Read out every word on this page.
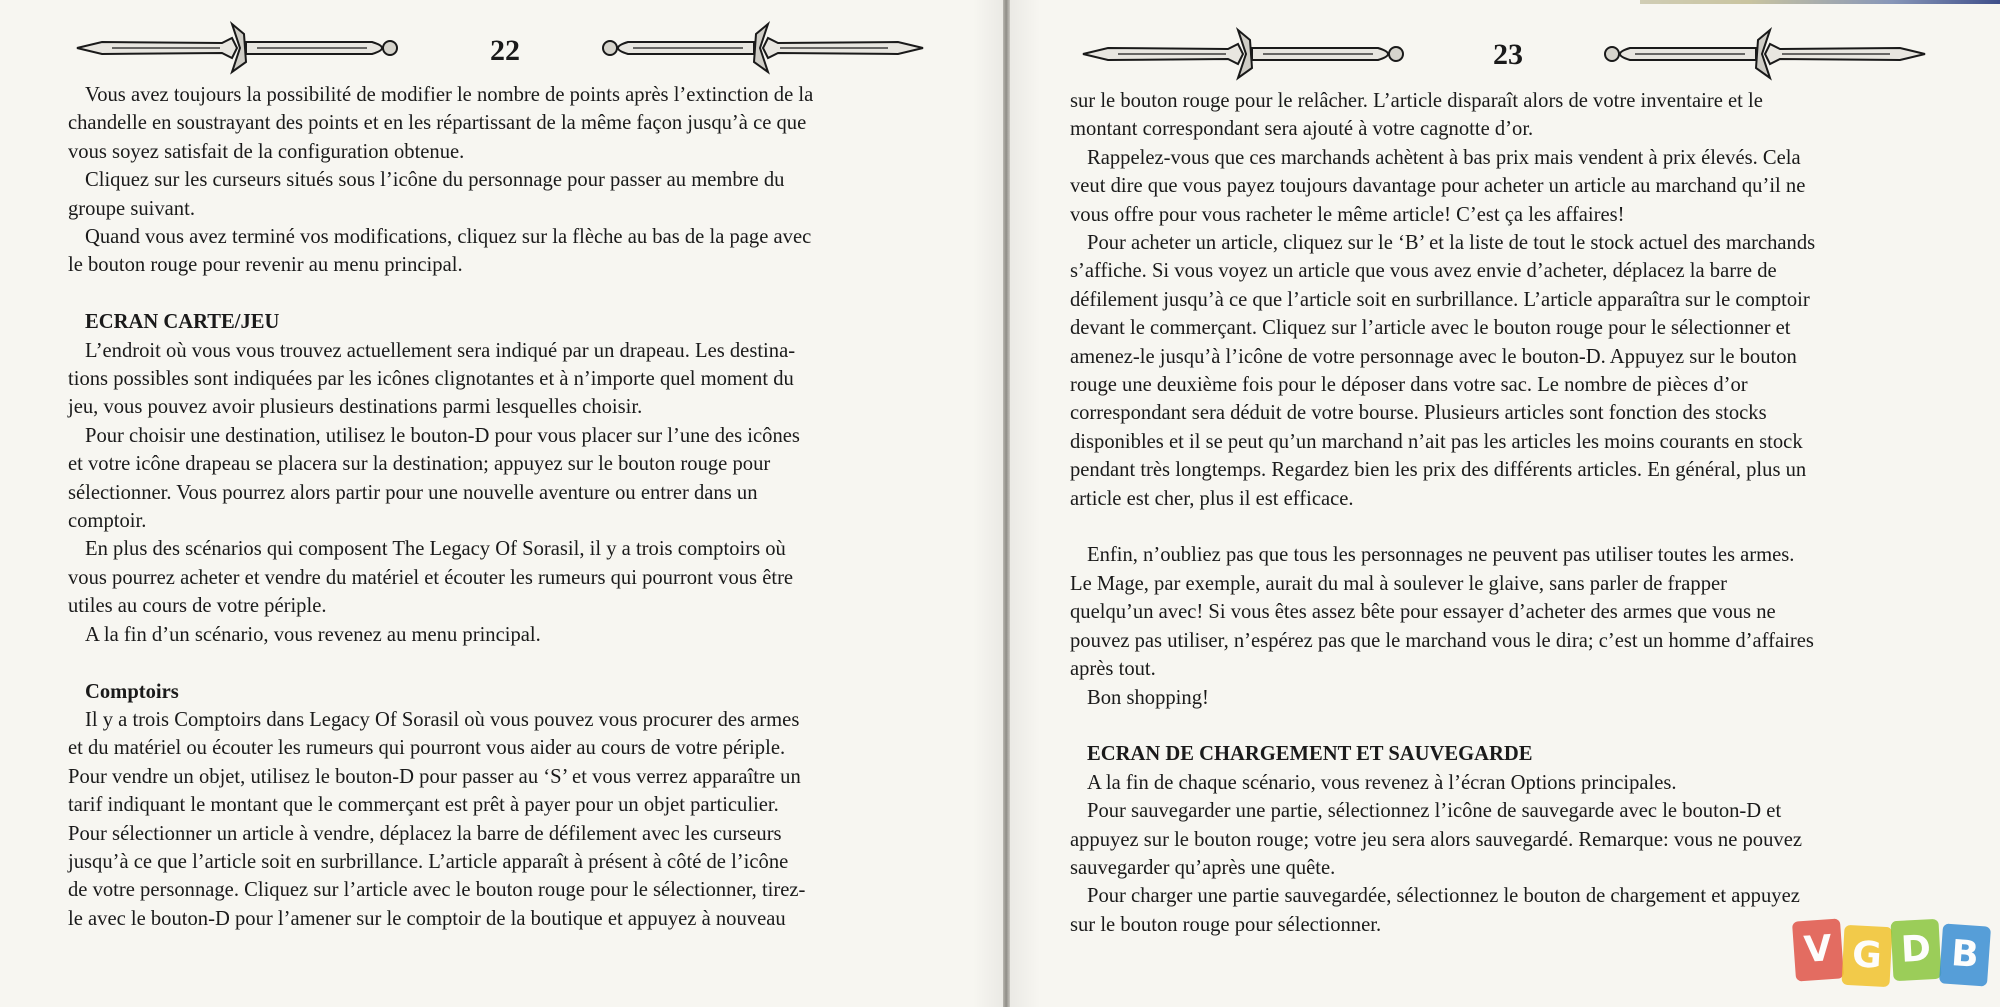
22
Vous avez toujours la possibilité de modifier le nombre de points après l’extinction de la
chandelle en soustrayant des points et en les répartissant de la même façon jusqu’à ce que
vous soyez satisfait de la configuration obtenue.
Cliquez sur les curseurs situés sous l’icône du personnage pour passer au membre du
groupe suivant.
Quand vous avez terminé vos modifications, cliquez sur la flèche au bas de la page avec
le bouton rouge pour revenir au menu principal.
ECRAN CARTE/JEU
L’endroit où vous vous trouvez actuellement sera indiqué par un drapeau. Les destina-
tions possibles sont indiquées par les icônes clignotantes et à n’importe quel moment du
jeu, vous pouvez avoir plusieurs destinations parmi lesquelles choisir.
Pour choisir une destination, utilisez le bouton-D pour vous placer sur l’une des icônes
et votre icône drapeau se placera sur la destination; appuyez sur le bouton rouge pour
sélectionner. Vous pourrez alors partir pour une nouvelle aventure ou entrer dans un
comptoir.
En plus des scénarios qui composent The Legacy Of Sorasil, il y a trois comptoirs où
vous pourrez acheter et vendre du matériel et écouter les rumeurs qui pourront vous être
utiles au cours de votre périple.
A la fin d’un scénario, vous revenez au menu principal.
Comptoirs
Il y a trois Comptoirs dans Legacy Of Sorasil où vous pouvez vous procurer des armes
et du matériel ou écouter les rumeurs qui pourront vous aider au cours de votre périple.
Pour vendre un objet, utilisez le bouton-D pour passer au ‘S’ et vous verrez apparaître un
tarif indiquant le montant que le commerçant est prêt à payer pour un objet particulier.
Pour sélectionner un article à vendre, déplacez la barre de défilement avec les curseurs
jusqu’à ce que l’article soit en surbrillance. L’article apparaît à présent à côté de l’icône
de votre personnage. Cliquez sur l’article avec le bouton rouge pour le sélectionner, tirez-
le avec le bouton-D pour l’amener sur le comptoir de la boutique et appuyez à nouveau
23
sur le bouton rouge pour le relâcher. L’article disparaît alors de votre inventaire et le
montant correspondant sera ajouté à votre cagnotte d’or.
Rappelez-vous que ces marchands achètent à bas prix mais vendent à prix élevés. Cela
veut dire que vous payez toujours davantage pour acheter un article au marchand qu’il ne
vous offre pour vous racheter le même article! C’est ça les affaires!
Pour acheter un article, cliquez sur le ‘B’ et la liste de tout le stock actuel des marchands
s’affiche. Si vous voyez un article que vous avez envie d’acheter, déplacez la barre de
défilement jusqu’à ce que l’article soit en surbrillance. L’article apparaîtra sur le comptoir
devant le commerçant. Cliquez sur l’article avec le bouton rouge pour le sélectionner et
amenez-le jusqu’à l’icône de votre personnage avec le bouton-D. Appuyez sur le bouton
rouge une deuxième fois pour le déposer dans votre sac. Le nombre de pièces d’or
correspondant sera déduit de votre bourse. Plusieurs articles sont fonction des stocks
disponibles et il se peut qu’un marchand n’ait pas les articles les moins courants en stock
pendant très longtemps. Regardez bien les prix des différents articles. En général, plus un
article est cher, plus il est efficace.
Enfin, n’oubliez pas que tous les personnages ne peuvent pas utiliser toutes les armes.
Le Mage, par exemple, aurait du mal à soulever le glaive, sans parler de frapper
quelqu’un avec! Si vous êtes assez bête pour essayer d’acheter des armes que vous ne
pouvez pas utiliser, n’espérez pas que le marchand vous le dira; c’est un homme d’affaires
après tout.
Bon shopping!
ECRAN DE CHARGEMENT ET SAUVEGARDE
A la fin de chaque scénario, vous revenez à l’écran Options principales.
Pour sauvegarder une partie, sélectionnez l’icône de sauvegarde avec le bouton-D et
appuyez sur le bouton rouge; votre jeu sera alors sauvegardé. Remarque: vous ne pouvez
sauvegarder qu’après une quête.
Pour charger une partie sauvegardée, sélectionnez le bouton de chargement et appuyez
sur le bouton rouge pour sélectionner.
V G D B
